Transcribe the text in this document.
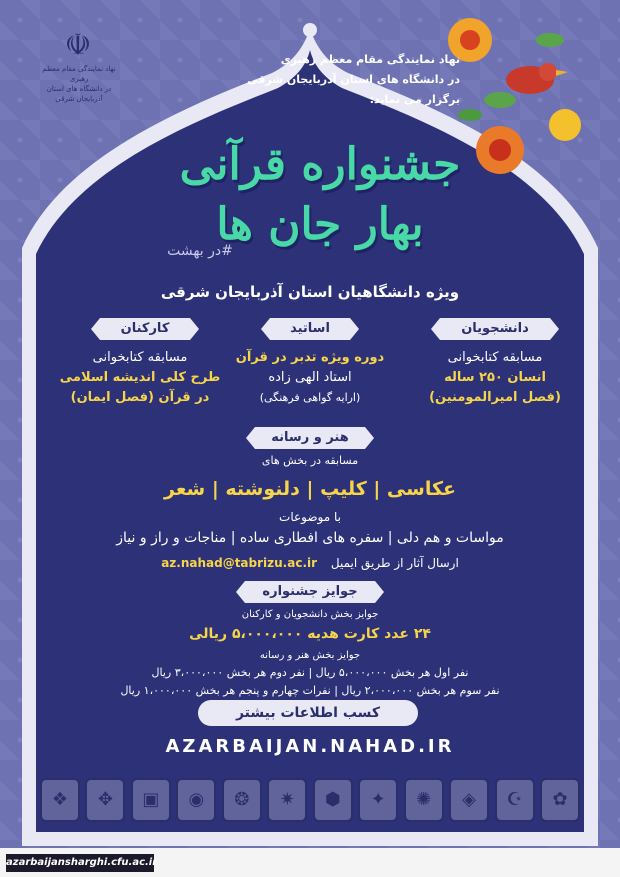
☫
نهاد نمایندگی مقام معظم رهبری
در دانشگاه های استان آذربایجان شرقی
نهاد نمایندگی مقام معظم رهبری
در دانشگاه های استان آذربایجان شرقی
برگزار می نماید:
جشنواره قرآنی
بهار جان ها
#در بهشت
ویژه دانشگاهیان استان آذربایجان شرقی
دانشجویان
اساتید
کارکنان
مسابقه کتابخوانی
انسان ۲۵۰ ساله
(فصل امیرالمومنین)
دوره ویژه تدبر در قرآن
استاد الهی زاده
(ارایه گواهی فرهنگی)
مسابقه کتابخوانی
طرح کلی اندیشه اسلامی
در قرآن (فصل ایمان)
هنر و رسانه
مسابقه در بخش های
عکاسی | کلیپ | دلنوشته | شعر
با موضوعات
مواسات و هم دلی | سفره های افطاری ساده | مناجات و راز و نیاز
ارسال آثار از طریق ایمیل az.nahad@tabrizu.ac.ir
جوایز جشنواره
جوایز بخش دانشجویان و کارکنان
۲۴ عدد کارت هدیه ۵،۰۰۰،۰۰۰ ریالی
جوایز بخش هنر و رسانه
نفر اول هر بخش ۵،۰۰۰،۰۰۰ ریال | نفر دوم هر بخش ۳،۰۰۰،۰۰۰ ریال
نفر سوم هر بخش ۲،۰۰۰،۰۰۰ ریال | نفرات چهارم و پنجم هر بخش ۱،۰۰۰،۰۰۰ ریال
کسب اطلاعات بیشتر
AZARBAIJAN.NAHAD.IR
✿
☪
◈
✺
✦
⬢
✷
❂
◉
▣
✥
❖
azarbaijansharghi.cfu.ac.ir
